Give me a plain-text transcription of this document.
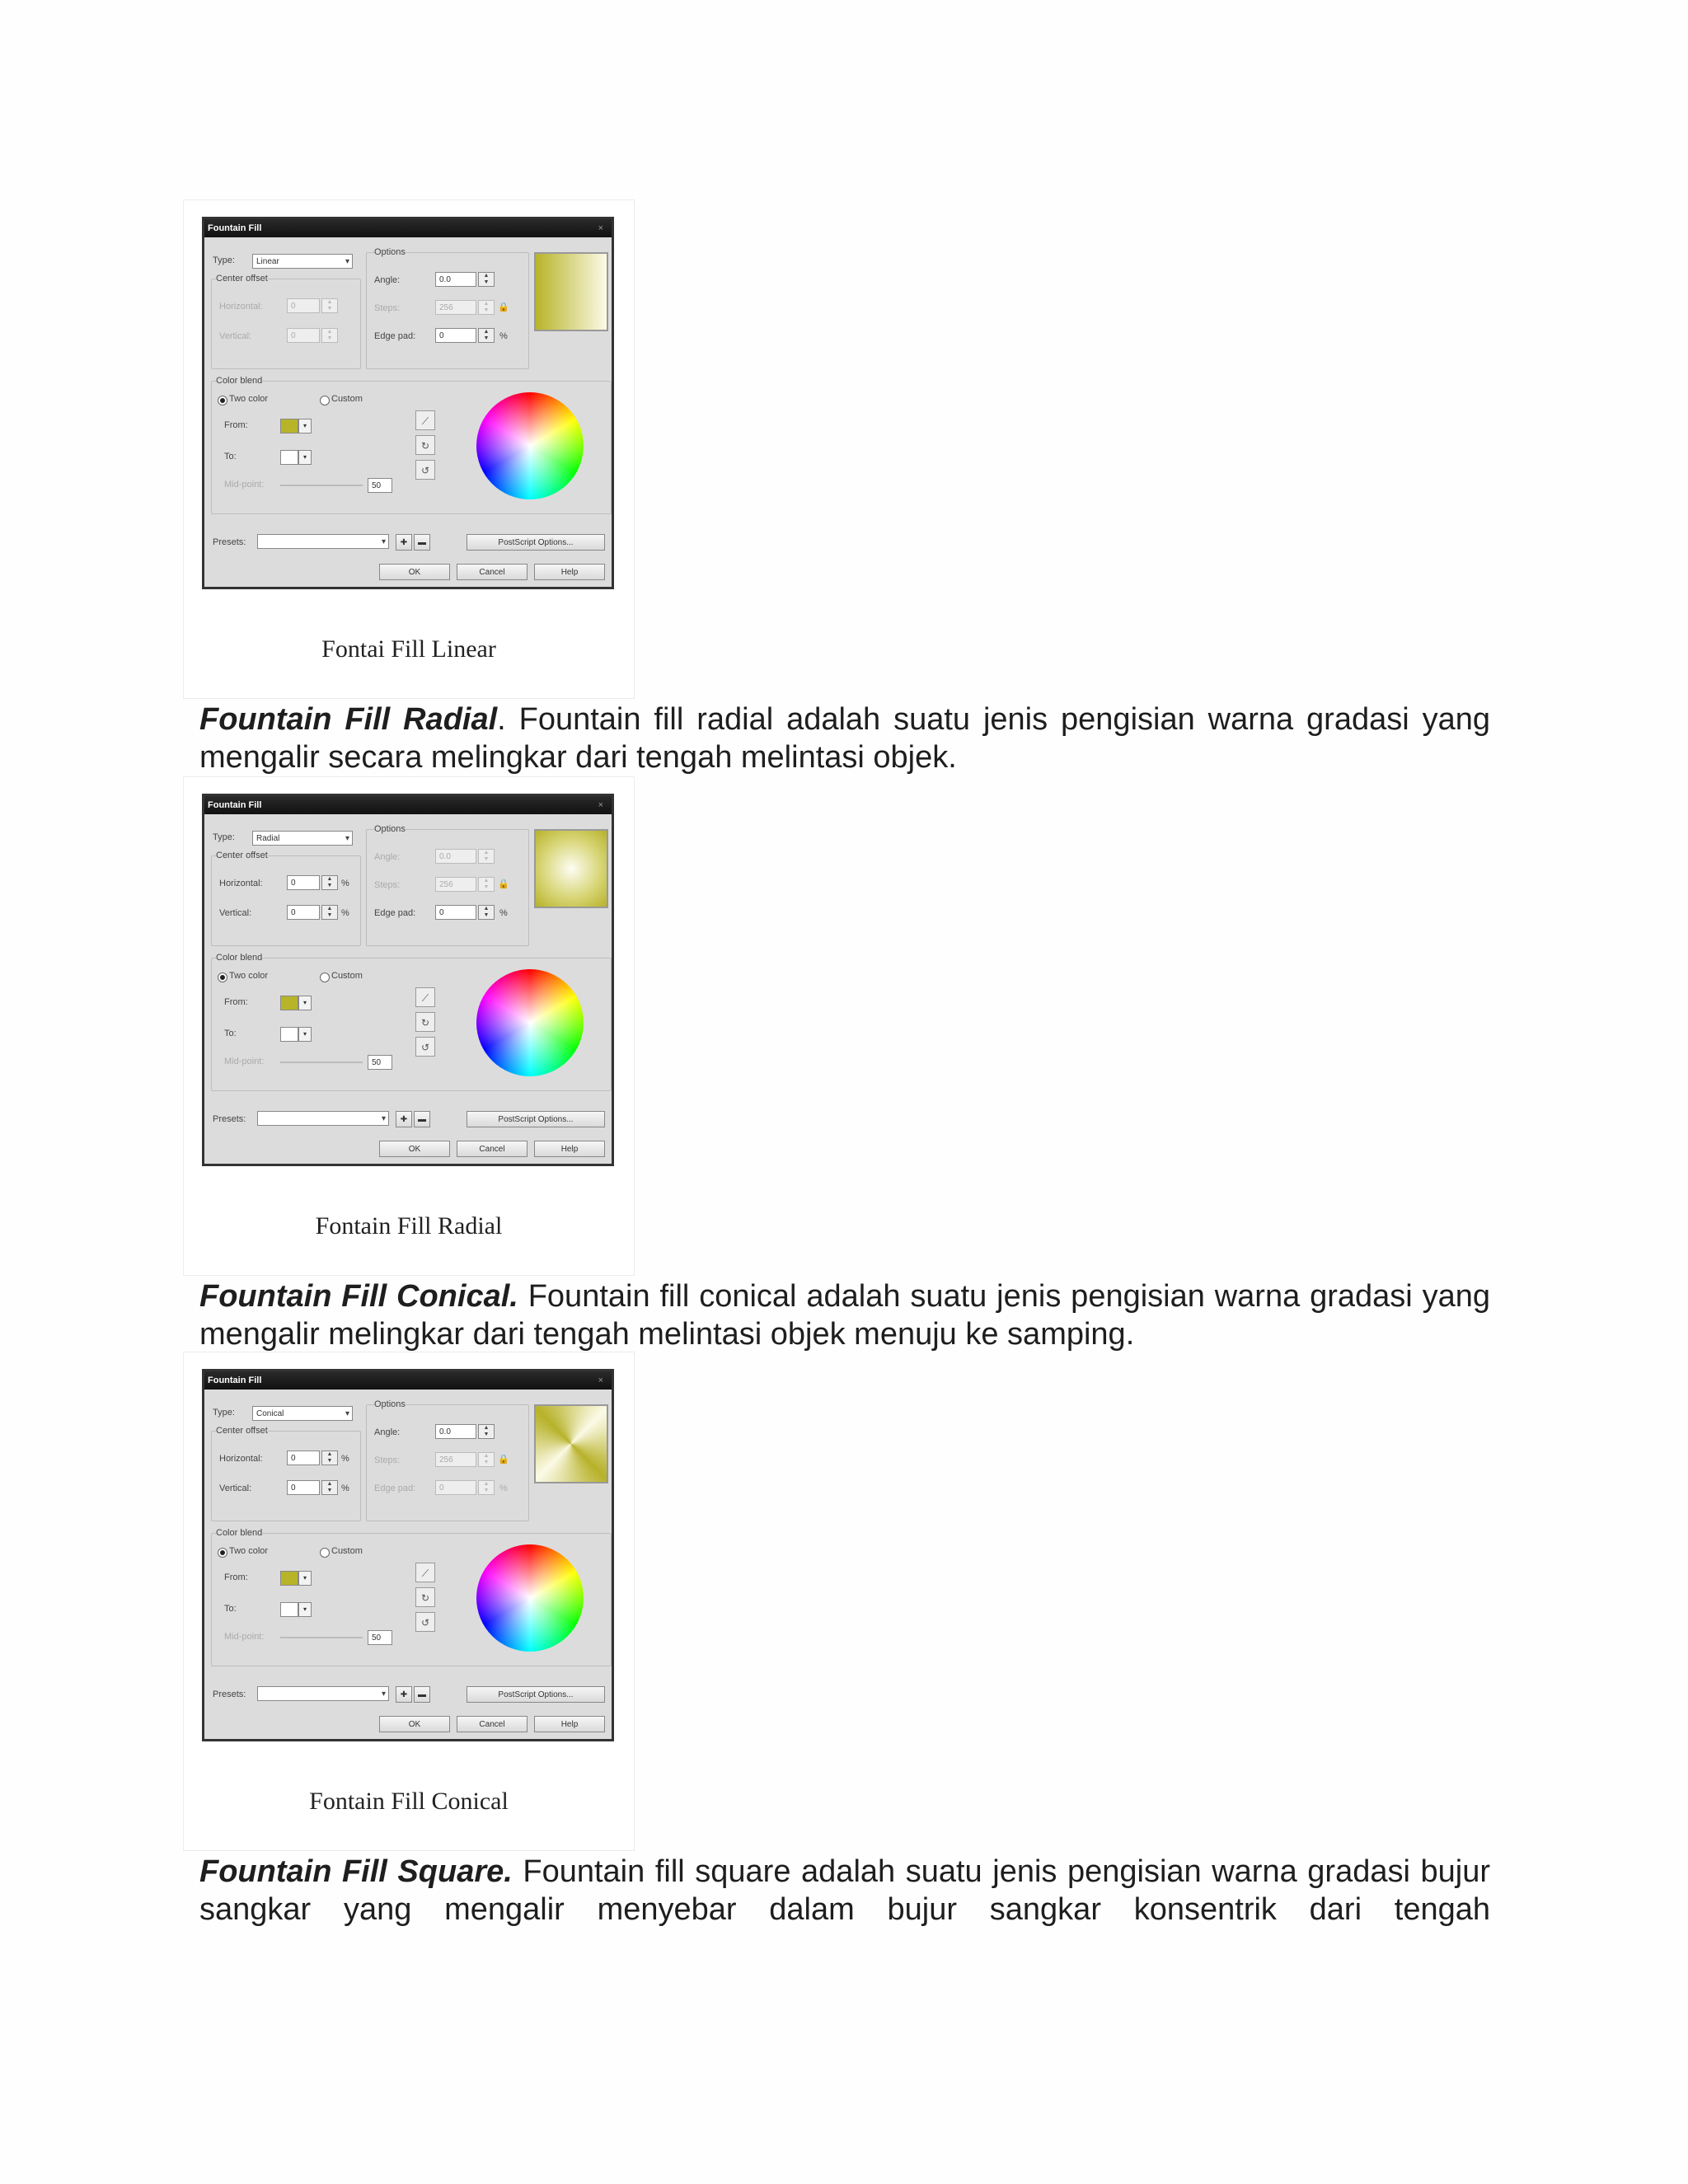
Fountain Fill	×
Type:	Linear ▾
Center offset
Horizontal:	0	▲
▼
Vertical:	0	▲
▼
Options
Angle:	0.0	▲
▼
Steps:	256	▲
▼ 🔒
Edge pad:	0	▲
▼	%
Color blend
Two color	Custom
From:	▾
To:	▾
Mid-point:	50
⟋
↻
↺
Presets: ▾	✚	▬	PostScript Options...
OK	Cancel	Help
Fontai Fill Linear
Fountain Fill Radial. Fountain fill radial adalah suatu jenis pengisian warna gradasi yang mengalir secara melingkar dari tengah melintasi objek.
Fountain Fill	×
Type:	Radial ▾
Center offset
Horizontal:	0	▲
▼ %
Vertical:	0	▲
▼ %
Options
Angle:	0.0	▲
▼
Steps:	256	▲
▼ 🔒
Edge pad:	0	▲
▼	%
Color blend
Two color	Custom
From:	▾
To:	▾
Mid-point:	50
⟋
↻
↺
Presets: ▾	✚	▬	PostScript Options...
OK	Cancel	Help
Fontain Fill Radial
Fountain Fill Conical. Fountain fill conical adalah suatu jenis pengisian warna gradasi yang mengalir melingkar dari tengah melintasi objek menuju ke samping.
Fountain Fill	×
Type:	Conical ▾
Center offset
Horizontal:	0	▲
▼ %
Vertical:	0	▲
▼ %
Options
Angle:	0.0	▲
▼
Steps:	256	▲
▼ 🔒
Edge pad:	0	▲
▼	%
Color blend
Two color	Custom
From:	▾
To:	▾
Mid-point:	50
⟋
↻
↺
Presets: ▾	✚	▬	PostScript Options...
OK	Cancel	Help
Fontain Fill Conical
Fountain Fill Square. Fountain fill square adalah suatu jenis pengisian warna gradasi bujur sangkar yang mengalir menyebar dalam bujur sangkar konsentrik dari tengah
